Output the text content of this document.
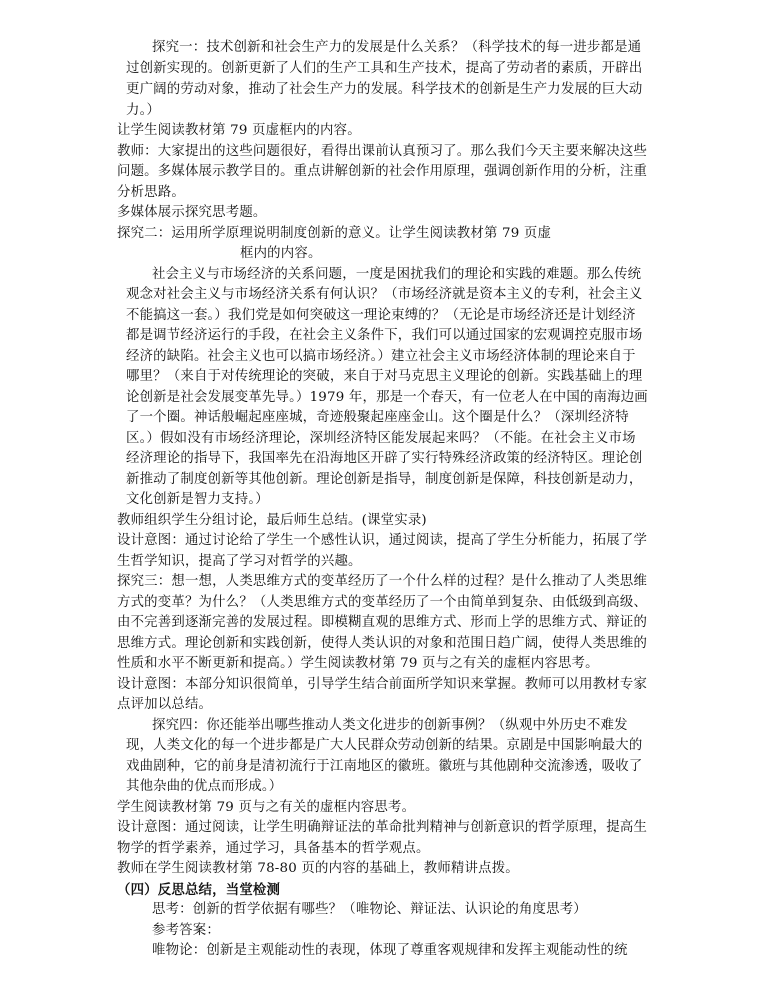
探究一：技术创新和社会生产力的发展是什么关系？（科学技术的每一进步都是通
过创新实现的。创新更新了人们的生产工具和生产技术，提高了劳动者的素质，开辟出
更广阔的劳动对象，推动了社会生产力的发展。科学技术的创新是生产力发展的巨大动
力。）
让学生阅读教材第 79 页虚框内的内容。
教师：大家提出的这些问题很好，看得出课前认真预习了。那么我们今天主要来解决这些
问题。多媒体展示教学目的。重点讲解创新的社会作用原理，强调创新作用的分析，注重
分析思路。
多媒体展示探究思考题。
探究二：运用所学原理说明制度创新的意义。让学生阅读教材第 79 页虚
框内的内容。
社会主义与市场经济的关系问题，一度是困扰我们的理论和实践的难题。那么传统
观念对社会主义与市场经济关系有何认识？（市场经济就是资本主义的专利，社会主义
不能搞这一套。）我们党是如何突破这一理论束缚的？（无论是市场经济还是计划经济
都是调节经济运行的手段，在社会主义条件下，我们可以通过国家的宏观调控克服市场
经济的缺陷。社会主义也可以搞市场经济。）建立社会主义市场经济体制的理论来自于
哪里？（来自于对传统理论的突破，来自于对马克思主义理论的创新。实践基础上的理
论创新是社会发展变革先导。）1979 年，那是一个春天，有一位老人在中国的南海边画
了一个圈。神话般崛起座座城，奇迹般聚起座座金山。这个圈是什么？（深圳经济特
区。）假如没有市场经济理论，深圳经济特区能发展起来吗？（不能。在社会主义市场
经济理论的指导下，我国率先在沿海地区开辟了实行特殊经济政策的经济特区。理论创
新推动了制度创新等其他创新。理论创新是指导，制度创新是保障，科技创新是动力，
文化创新是智力支持。）
教师组织学生分组讨论，最后师生总结。(课堂实录)
设计意图：通过讨论给了学生一个感性认识，通过阅读，提高了学生分析能力，拓展了学
生哲学知识，提高了学习对哲学的兴趣。
探究三：想一想，人类思维方式的变革经历了一个什么样的过程？是什么推动了人类思维
方式的变革？为什么？（人类思维方式的变革经历了一个由简单到复杂、由低级到高级、
由不完善到逐渐完善的发展过程。即模糊直观的思维方式、形而上学的思维方式、辩证的
思维方式。理论创新和实践创新，使得人类认识的对象和范围日趋广阔，使得人类思维的
性质和水平不断更新和提高。）学生阅读教材第 79 页与之有关的虚框内容思考。
设计意图：本部分知识很简单，引导学生结合前面所学知识来掌握。教师可以用教材专家
点评加以总结。
探究四：你还能举出哪些推动人类文化进步的创新事例？（纵观中外历史不难发
现，人类文化的每一个进步都是广大人民群众劳动创新的结果。京剧是中国影响最大的
戏曲剧种，它的前身是清初流行于江南地区的徽班。徽班与其他剧种交流渗透，吸收了
其他杂曲的优点而形成。）
学生阅读教材第 79 页与之有关的虚框内容思考。
设计意图：通过阅读，让学生明确辩证法的革命批判精神与创新意识的哲学原理，提高生
物学的哲学素养，通过学习，具备基本的哲学观点。
教师在学生阅读教材第 78-80 页的内容的基础上，教师精讲点拨。
（四）反思总结，当堂检测
思考：创新的哲学依据有哪些？（唯物论、辩证法、认识论的角度思考）
参考答案：
唯物论：创新是主观能动性的表现，体现了尊重客观规律和发挥主观能动性的统
